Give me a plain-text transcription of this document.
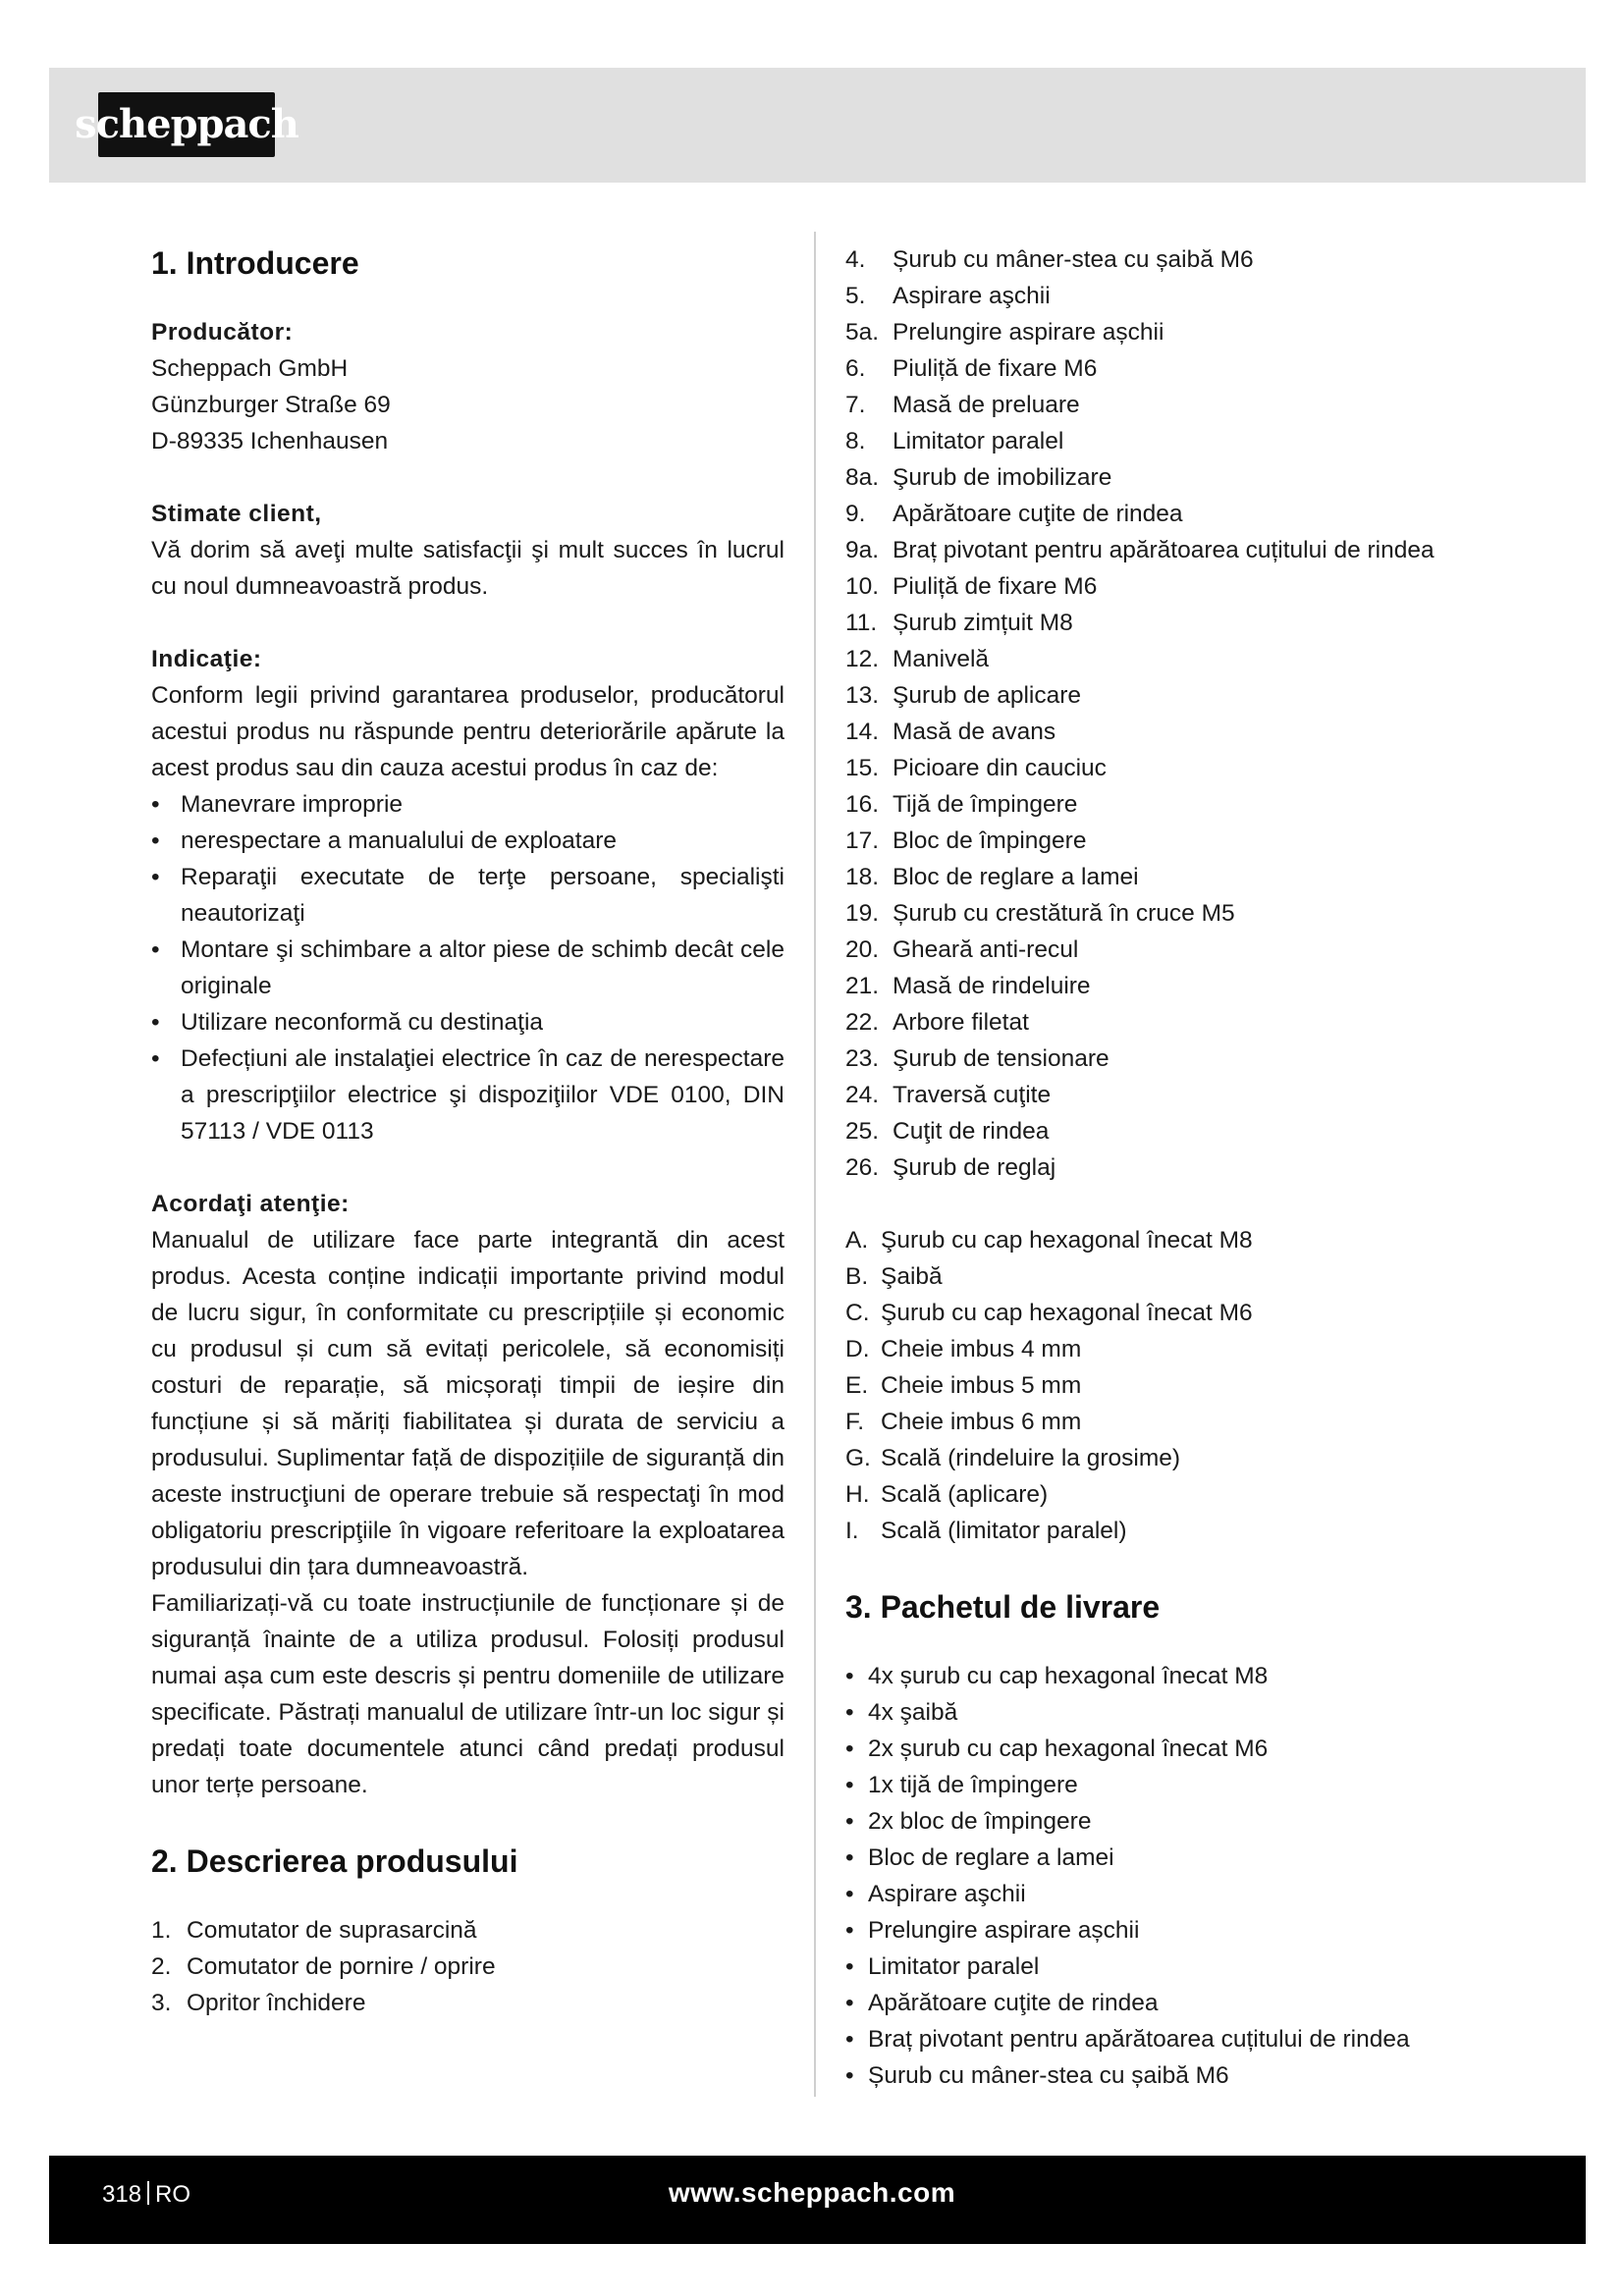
scheppach
1. Introducere
Producător:
Scheppach GmbH
Günzburger Straße 69
D-89335 Ichenhausen
Stimate client,

Vă dorim să aveţi multe satisfacţii şi mult succes în lucrul cu noul dumneavoastră produs.

Indicaţie:

Conform legii privind garantarea produselor, producătorul acestui produs nu răspunde pentru deteriorările apărute la acest produs sau din cauza acestui produs în caz de:

• Manevrare improprie
• nerespectare a manualului de exploatare
• Reparaţii executate de terţe persoane, specialişti neautorizaţi
• Montare şi schimbare a altor piese de schimb decât cele originale
• Utilizare neconformă cu destinaţia
• Defecțiuni ale instalaţiei electrice în caz de nerespectare a prescripţiilor electrice şi dispoziţiilor VDE 0100, DIN 57113 / VDE 0113
Acordaţi atenţie:

Manualul de utilizare face parte integrantă din acest produs. Acesta conține indicații importante privind modul de lucru sigur, în conformitate cu prescripțiile și economic cu produsul și cum să evitați pericolele, să economisiți costuri de reparație, să micșorați timpii de ieșire din funcțiune și să măriți fiabilitatea și durata de serviciu a produsului. Suplimentar față de dispozițiile de siguranță din aceste instrucţiuni de operare trebuie să respectaţi în mod obligatoriu prescripţiile în vigoare referitoare la exploatarea produsului din țara dumneavoastră.

Familiarizați-vă cu toate instrucțiunile de funcționare și de siguranță înainte de a utiliza produsul. Folosiți produsul numai așa cum este descris și pentru domeniile de utilizare specificate. Păstrați manualul de utilizare într-un loc sigur și predați toate documentele atunci când predați produsul unor terțe persoane.

2. Descrierea produsului
1. Comutator de suprasarcină
2. Comutator de pornire / oprire
3. Opritor închidere
4. Șurub cu mâner-stea cu șaibă M6
5. Aspirare aşchii
5a. Prelungire aspirare așchii
6. Piuliță de fixare M6
7. Masă de preluare
8. Limitator paralel
8a. Şurub de imobilizare
9. Apărătoare cuţite de rindea
9a. Braț pivotant pentru apărătoarea cuțitului de rindea
10. Piuliță de fixare M6
11. Șurub zimțuit M8
12. Manivelă
13. Şurub de aplicare
14. Masă de avans
15. Picioare din cauciuc
16. Tijă de împingere
17. Bloc de împingere
18. Bloc de reglare a lamei
19. Șurub cu crestătură în cruce M5
20. Gheară anti-recul
21. Masă de rindeluire
22. Arbore filetat
23. Şurub de tensionare
24. Traversă cuţite
25. Cuţit de rindea
26. Şurub de reglaj
A. Şurub cu cap hexagonal înecat M8
B. Şaibă
C. Şurub cu cap hexagonal înecat M6
D. Cheie imbus 4 mm
E. Cheie imbus 5 mm
F. Cheie imbus 6 mm
G. Scală (rindeluire la grosime)
H. Scală (aplicare)
I. Scală (limitator paralel)
3. Pachetul de livrare
• 4x șurub cu cap hexagonal înecat M8
• 4x şaibă
• 2x șurub cu cap hexagonal înecat M6
• 1x tijă de împingere
• 2x bloc de împingere
• Bloc de reglare a lamei
• Aspirare aşchii
• Prelungire aspirare așchii
• Limitator paralel
• Apărătoare cuţite de rindea
• Braț pivotant pentru apărătoarea cuțitului de rindea
• Șurub cu mâner-stea cu șaibă M6
318 RO	www.scheppach.com
